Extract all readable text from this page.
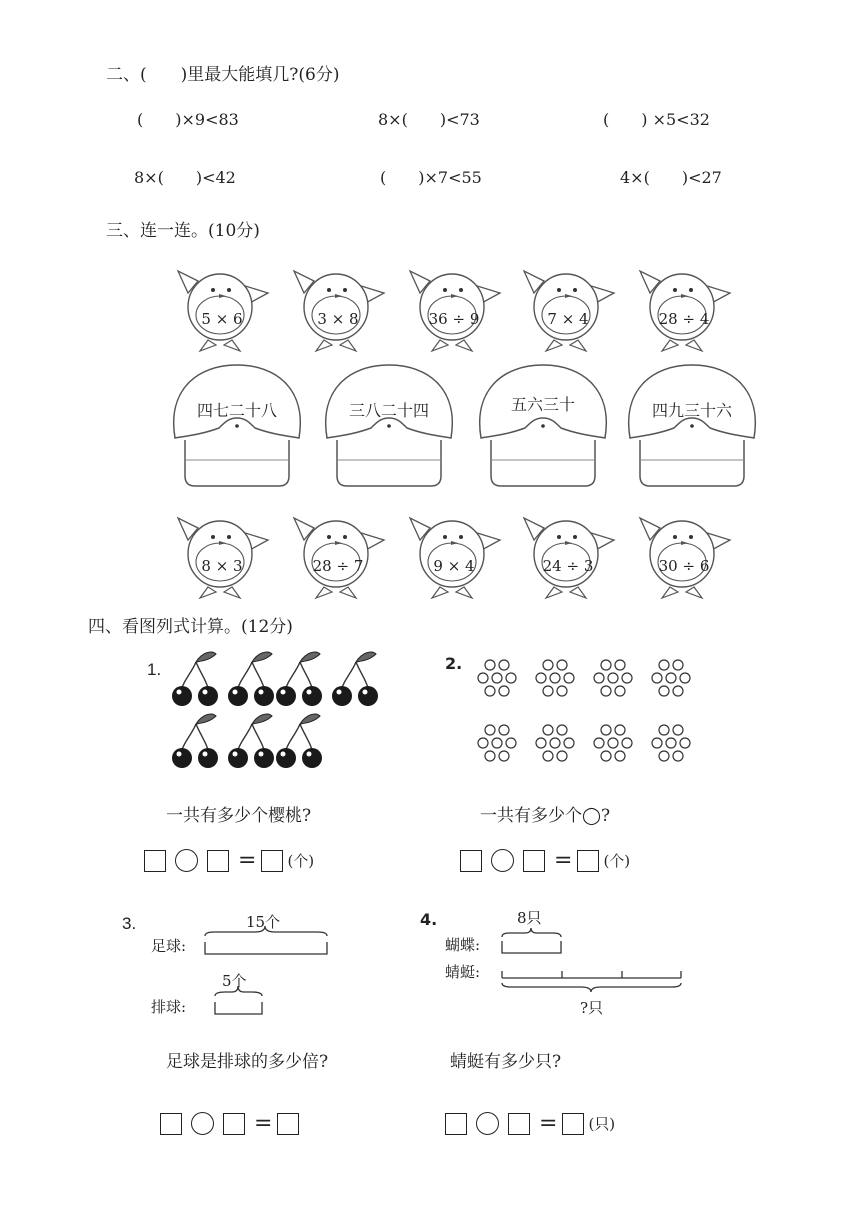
二、(　　)里最大能填几?(6分)
(　　)×9<83	8×(　　)<73	(　　) ×5<32
8×(　　)<42	(　　)×7<55	4×(　　)<27
三、连一连。(10分)
5 × 6	3 × 8	36 ÷ 9	7 × 4	28 ÷ 4
四七二十八	三八二十四	五六三十	四九三十六
8 × 3	28 ÷ 7	9 × 4	24 ÷ 3	30 ÷ 6
四、看图列式计算。(12分)
1.
一共有多少个樱桃?
= (个)
2.
一共有多少个◯?
= (个)
3.
足球:
排球:
15个
5个
足球是排球的多少倍?
=
4.
蝴蝶:
蜻蜓:
8只
?只
蜻蜓有多少只?
= (只)
